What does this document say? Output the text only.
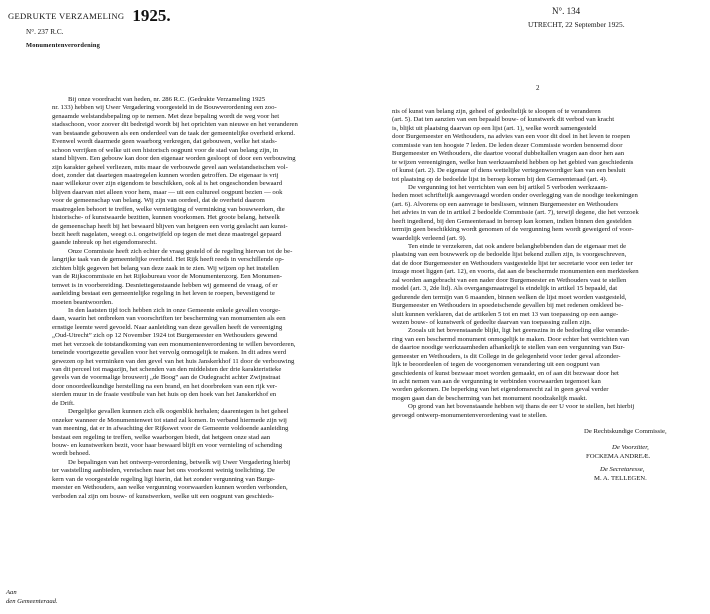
GEDRUKTE VERZAMELING 1925.
N°. 237 R.C.
Monumentenverordening
N°. 134
UTRECHT, 22 September 1925.
2
Bij onze voordracht van heden, nr. 286 R.C. (Gedrukte Verzameling 1925
nr. 133) hebben wij Uwer Vergadering voorgesteld in de Bouwverordening een zoo-
genaamde welstandsbepaling op te nemen. Met deze bepaling wordt de weg voor het
stadsschoon, voor zoover dit bedreigd wordt bij het oprichten van nieuwe en het veranderen
van bestaande gebouwen als een onderdeel van de taak der gemeentelijke overheid erkend.
Evenwel wordt daarmede geen waarborg verkregen, dat gebouwen, welke het stads-
schoon verrijken of welke uit een historisch oogpunt voor de stad van belang zijn, in
stand blijven. Een gebouw kan door den eigenaar worden gesloopt of door een verbouwing
zijn karakter geheel verliezen, mits maar de verbouwde gevel aan welstandseischen vol-
doet, zonder dat daartegen maatregelen kunnen worden getroffen. De eigenaar is vrij
naar willekeur over zijn eigendom te beschikken, ook al is het ongeschonden bewaard
blijven daarvan niet alleen voor hem, maar — uit een cultureel oogpunt bezien — ook
voor de gemeenschap van belang. Wij zijn van oordeel, dat de overheid daarom
maatregelen behoort te treffen, welke vernietiging of verminking van bouwwerken, die
historische- of kunstwaarde bezitten, kunnen voorkomen. Het groote belang, hetwelk
de gemeenschap heeft bij het bewaard blijven van hetgeen een vorig geslacht aan kunst-
bezit heeft nagelaten, weegt o.i. ongetwijfeld op tegen de met deze maatregel gepaard
gaande inbreuk op het eigendomsrecht.
Onze Commissie heeft zich echter de vraag gesteld of de regeling hiervan tot de be-
langrijke taak van de gemeentelijke overheid. Het Rijk heeft reeds in verschillende op-
zichten blijk gegeven het belang van deze zaak in te zien. Wij wijzen op het instellen
van de Rijkscommissie en het Rijksbureau voor de Monumentenzorg. Een Monumen-
tenwet is in voorbereiding. Desniettegenstaande hebben wij gemeend de vraag, of er
aanleiding bestaat een gemeentelijke regeling in het leven te roepen, bevestigend te
moeten beantwoorden.
In den laatsten tijd toch hebben zich in onze Gemeente enkele gevallen voorge-
daan, waarin het ontbreken van voorschriften ter bescherming van monumenten als een
ernstige leemte werd gevoeld. Naar aanleiding van deze gevallen heeft de vereeniging
„Oud-Utrecht” zich op 12 November 1924 tot Burgemeester en Wethouders gewend
met het verzoek de totstandkoming van een monumentenverordening te willen bevorderen,
teneinde voortgezette gevallen voor het vervolg onmogelijk te maken. In dit adres werd
gewezen op het verminken van den gevel van het huis Janskerkhof 11 door de verbouwing
van dit perceel tot magazijn, het schenden van den middelsten der drie karakteristieke
gevels van de voormalige brouwerij „de Boog” aan de Oudegracht achter Zwijnstraat
door onoordeelkundige herstelling na een brand, en het doorbreken van een rijk ver-
sierden muur in de fraaie vestibule van het huis op den hoek van het Janskerkhof en
de Drift.
Dergelijke gevallen kunnen zich elk oogenblik herhalen; daarentegen is het geheel
onzeker wanneer de Monumentenwet tot stand zal komen. In verband hiermede zijn wij
van meening, dat er in afwachting der Rijkswet voor de Gemeente voldoende aanleiding
bestaat een regeling te treffen, welke waarborgen biedt, dat hetgeen onze stad aan
bouw- en kunstwerken bezit, voor haar bewaard blijft en voor vernieling of schending
wordt behoed.
De bepalingen van het ontwerp-verordening, betwelk wij Uwer Vergadering hierbij
ter vaststelling aanbieden, vereischen naar het ons voorkomt weinig toelichting. De
kern van de voorgestelde regeling ligt hierin, dat het zonder vergunning van Burge-
meester en Wethouders, aan welke vergunning voorwaarden kunnen worden verbonden,
verboden zal zijn om bouw- of kunstwerken, welke uit een oogpunt van geschieds-
nis of kunst van belang zijn, geheel of gedeeltelijk te sloopen of te veranderen
(art. 5). Dat ten aanzien van een bepaald bouw- of kunstwerk dit verbod van kracht
is, blijkt uit plaatsing daarvan op een lijst (art. 1), welke wordt samengesteld
door Burgemeester en Wethouders, na advies van een voor dit doel in het leven te roepen
commissie van ten hoogste 7 leden. De leden dezer Commissie worden benoemd door
Burgemeester en Wethouders, die daartoe vooraf dubbeltallen vragen aan door hen aan
te wijzen vereenigingen, welke hun werkzaamheid hebben op het gebied van geschiedenis
of kunst (art. 2). De eigenaar of diens wettelijke vertegenwoordiger kan van een besluit
tot plaatsing op de bedoelde lijst in beroep komen bij den Gemeenteraad (art. 4).
De vergunning tot het verrichten van een bij artikel 5 verboden werkzaam-
heden moet schriftelijk aangevraagd worden onder overlegging van de noodige teekeningen
(art. 6). Alvorens op een aanvrage te beslissen, winnen Burgemeester en Wethouders
het advies in van de in artikel 2 bedoelde Commissie (art. 7), terwijl degene, die het verzoek
heeft ingediend, bij den Gemeenteraad in beroep kan komen, indien binnen den gestelden
termijn geen beschikking wordt genomen of de vergunning hem wordt geweigerd of voor-
waardelijk verleend (art. 9).
Ten einde te verzekeren, dat ook andere belanghebbenden dan de eigenaar met de
plaatsing van een bouwwerk op de bedoelde lijst bekend zullen zijn, is voorgeschreven,
dat de door Burgemeester en Wethouders vastgestelde lijst ter secretarie voor een ieder ter
inzage moet liggen (art. 12), en voorts, dat aan de beschermde monumenten een merkteeken
zal worden aangebracht van een nader door Burgemeester en Wethouders vast te stellen
model (art. 3, 2de lid). Als overgangsmaatregel is eindelijk in artikel 15 bepaald, dat
gedurende den termijn van 6 maanden, binnen welken de lijst moet worden vastgesteld,
Burgemeester en Wethouders in spoedeischende gevallen bij met redenen omkleed be-
sluit kunnen verklaren, dat de artikelen 5 tot en met 13 van toepassing op een aange-
wezen bouw- of kunstwerk of gedeelte daarvan van toepassing zullen zijn.
Zooals uit het bovenstaande blijkt, ligt het geenszins in de bedoeling elke verande-
ring van een beschermd monument onmogelijk te maken. Door echter het verrichten van
de daartoe noodige werkzaamheden afhankelijk te stellen van een vergunning van Bur-
gemeester en Wethouders, is dit College in de gelegenheid voor ieder geval afzonder-
lijk te beoordeelen of tegen de voorgenomen verandering uit een oogpunt van
geschiedenis of kunst bezwaar moet worden gemaakt, en of aan dit bezwaar door het
in acht nemen van aan de vergunning te verbinden voorwaarden tegemoet kan
worden gekomen. De beperking van het eigendomsrecht zal in geen geval verder
mogen gaan dan de bescherming van het monument noodzakelijk maakt.
Op grond van het bovenstaande hebben wij thans de eer U voor te stellen, het hierbij
gevoegd ontwerp-monumentenverordening vast te stellen.
De Rechtskundige Commissie,
De Voorzitter,
FOCKEMA ANDREÆ.
De Secretaresse,
M. A. TELLEGEN.
Aan
den Gemeenteraad.
